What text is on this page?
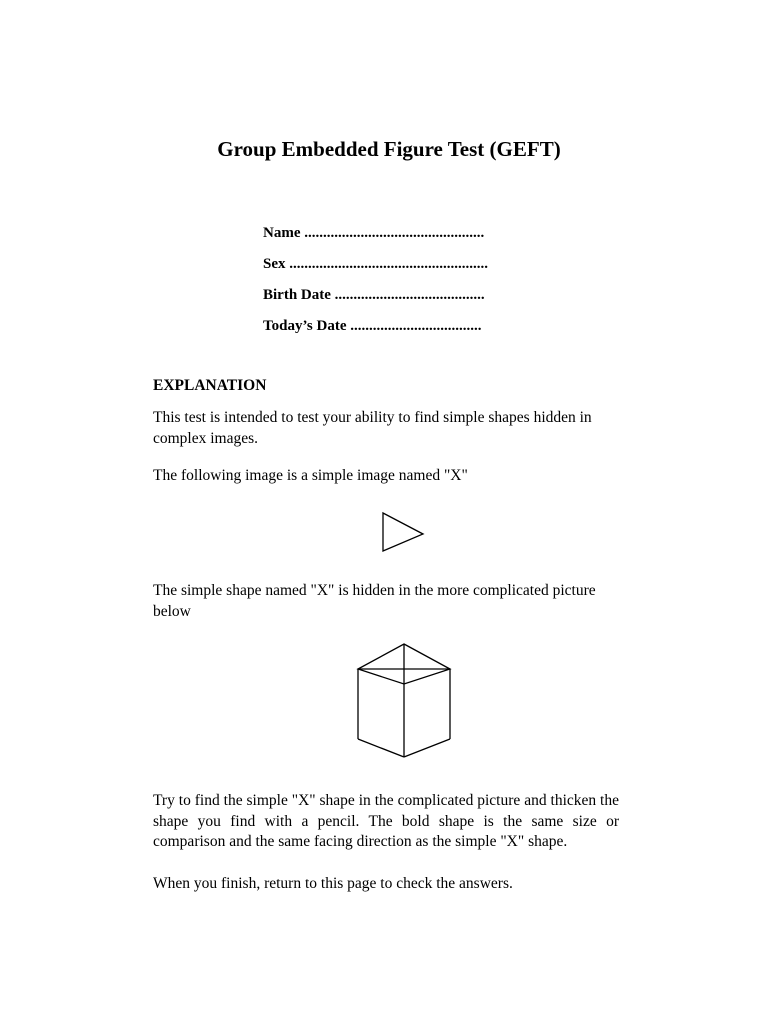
Group Embedded Figure Test (GEFT)
Name ................................................
Sex .....................................................
Birth Date ........................................
Today’s Date ...................................
EXPLANATION

This test is intended to test your ability to find simple shapes hidden in complex images.

The following image is a simple image named "X"

The simple shape named "X" is hidden in the more complicated picture below

Try to find the simple "X" shape in the complicated picture and thicken the shape you find with a pencil. The bold shape is the same size or comparison and the same facing direction as the simple "X" shape.

When you finish, return to this page to check the answers.
